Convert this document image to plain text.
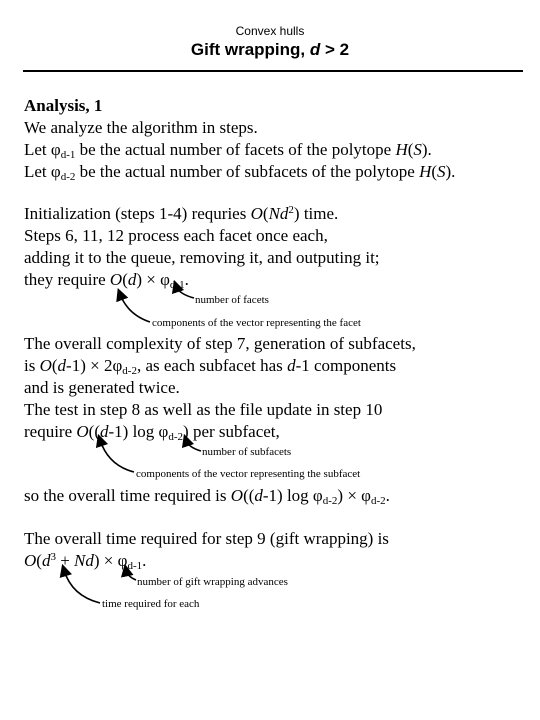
Convex hulls
Gift wrapping, d > 2
Analysis, 1
We analyze the algorithm in steps.
Let $\varphi_{d-1}$ be the actual number of facets of the polytope H(S).
Let $\varphi_{d-2}$ be the actual number of subfacets of the polytope H(S).
Initialization (steps 1-4) requries O(Nd$^2$) time.
Steps 6, 11, 12 process each facet once each,
adding it to the queue, removing it, and outputing it;
they require $O(d) \times \varphi_{d-1}$.
number of facets
components of the vector representing the facet
The overall complexity of step 7, generation of subfacets,
is $O(d-1) \times 2\varphi_{d-2}$, as each subfacet has d-1 components
and is generated twice.
The test in step 8 as well as the file update in step 10
require O((d-1) $\log \varphi_{d-2}$) per subfacet,
number of subfacets
components of the vector representing the subfacet
so the overall time required is O((d-1) $\log \varphi_{d-2}) \times \varphi_{d-2}$.
The overall time required for step 9 (gift wrapping) is
$O(d^3 + Nd) \times \varphi_{d-1}$.
number of gift wrapping advances
time required for each
